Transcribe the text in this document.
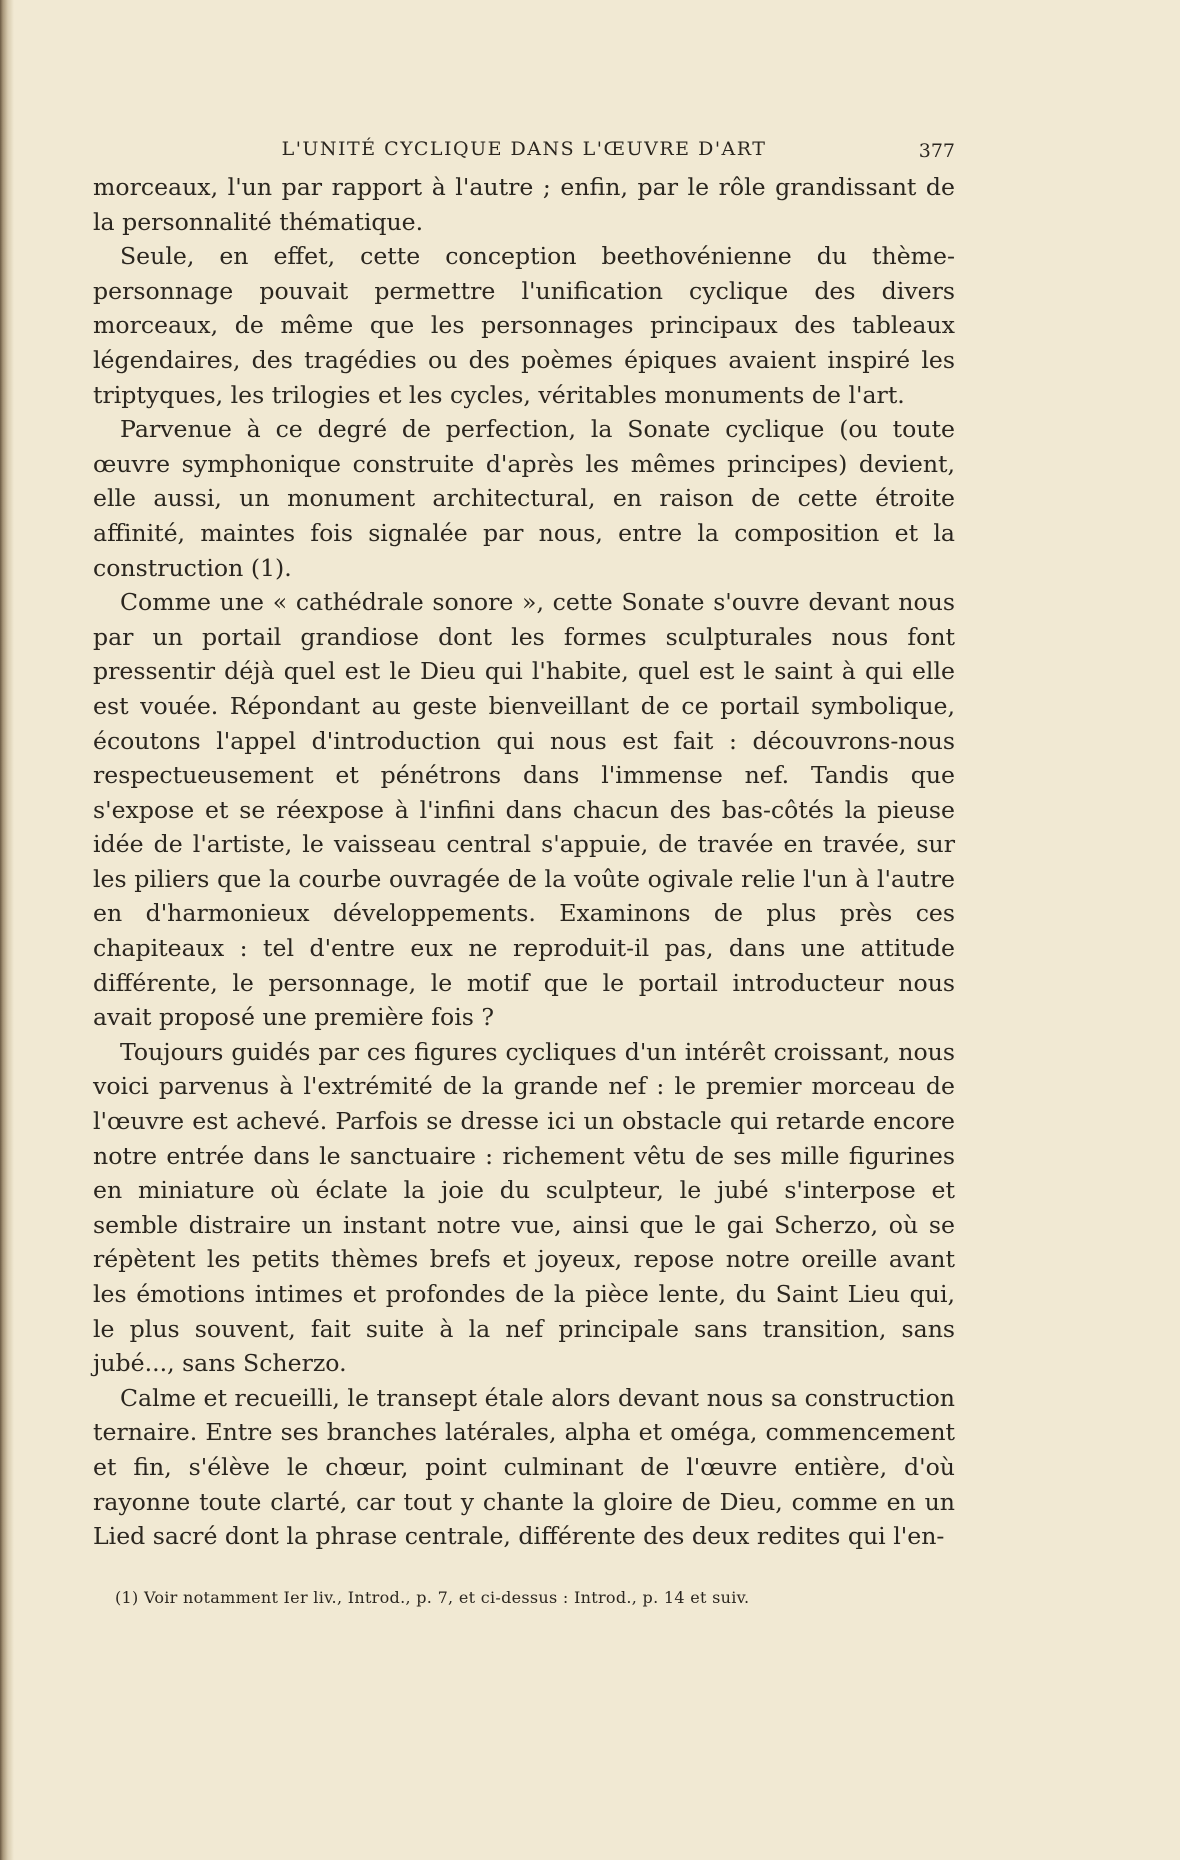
L'UNITÉ CYCLIQUE DANS L'ŒUVRE D'ART	377

morceaux, l'un par rapport à l'autre ; enfin, par le rôle grandissant de la personnalité thématique.

Seule, en effet, cette conception beethovénienne du thème-personnage pouvait permettre l'unification cyclique des divers morceaux, de même que les personnages principaux des tableaux légendaires, des tragédies ou des poèmes épiques avaient inspiré les triptyques, les trilogies et les cycles, véritables monuments de l'art.

Parvenue à ce degré de perfection, la Sonate cyclique (ou toute œuvre symphonique construite d'après les mêmes principes) devient, elle aussi, un monument architectural, en raison de cette étroite affinité, maintes fois signalée par nous, entre la composition et la construction (1).

Comme une « cathédrale sonore », cette Sonate s'ouvre devant nous par un portail grandiose dont les formes sculpturales nous font pressentir déjà quel est le Dieu qui l'habite, quel est le saint à qui elle est vouée. Répondant au geste bienveillant de ce portail symbolique, écoutons l'appel d'introduction qui nous est fait : découvrons-nous respectueusement et pénétrons dans l'immense nef. Tandis que s'expose et se réexpose à l'infini dans chacun des bas-côtés la pieuse idée de l'artiste, le vaisseau central s'appuie, de travée en travée, sur les piliers que la courbe ouvragée de la voûte ogivale relie l'un à l'autre en d'harmonieux développements. Examinons de plus près ces chapiteaux : tel d'entre eux ne reproduit-il pas, dans une attitude différente, le personnage, le motif que le portail introducteur nous avait proposé une première fois ?

Toujours guidés par ces figures cycliques d'un intérêt croissant, nous voici parvenus à l'extrémité de la grande nef : le premier morceau de l'œuvre est achevé. Parfois se dresse ici un obstacle qui retarde encore notre entrée dans le sanctuaire : richement vêtu de ses mille figurines en miniature où éclate la joie du sculpteur, le jubé s'interpose et semble distraire un instant notre vue, ainsi que le gai Scherzo, où se répètent les petits thèmes brefs et joyeux, repose notre oreille avant les émotions intimes et profondes de la pièce lente, du Saint Lieu qui, le plus souvent, fait suite à la nef principale sans transition, sans jubé..., sans Scherzo.

Calme et recueilli, le transept étale alors devant nous sa construction ternaire. Entre ses branches latérales, alpha et oméga, commencement et fin, s'élève le chœur, point culminant de l'œuvre entière, d'où rayonne toute clarté, car tout y chante la gloire de Dieu, comme en un Lied sacré dont la phrase centrale, différente des deux redites qui l'en-

(1) Voir notamment Ier liv., Introd., p. 7, et ci-dessus : Introd., p. 14 et suiv.
